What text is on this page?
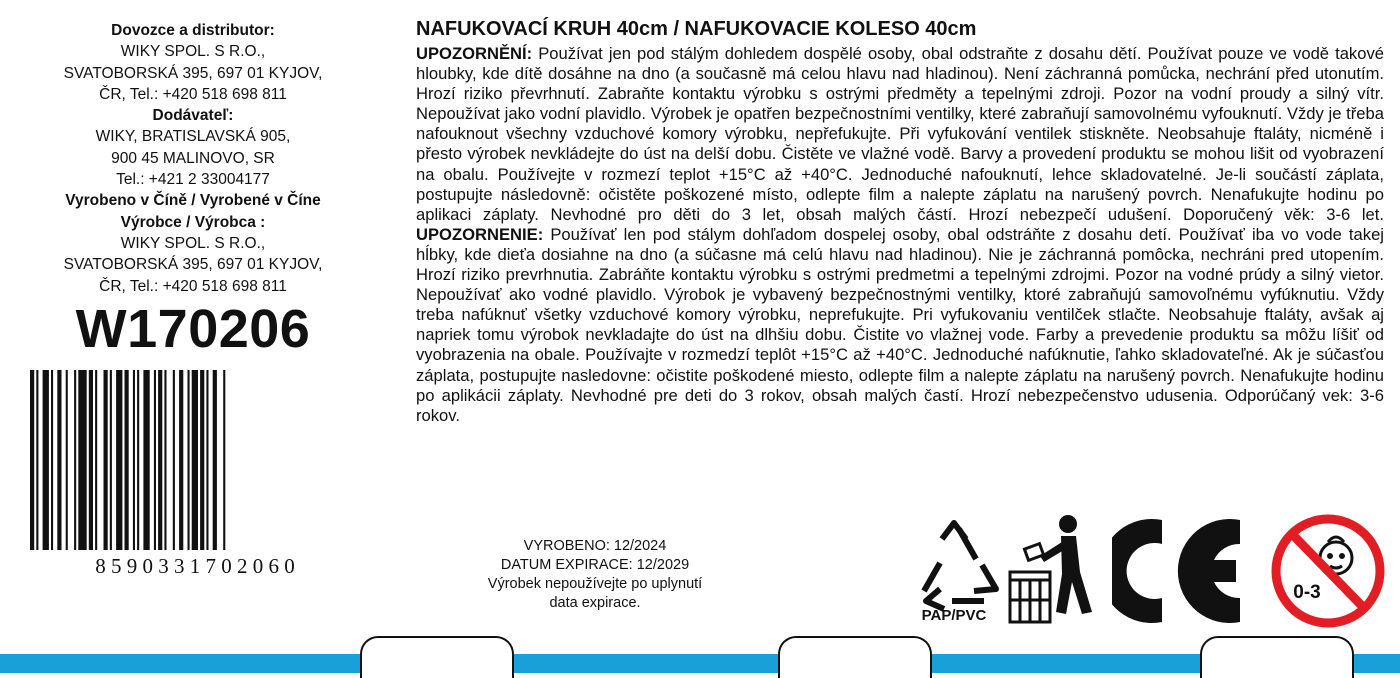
Dovozce a distributor:
WIKY SPOL. S R.O.,
SVATOBORSKÁ 395, 697 01 KYJOV,
ČR, Tel.: +420 518 698 811
Dodávateľ:
WIKY, BRATISLAVSKÁ 905,
900 45 MALINOVO, SR
Tel.: +421 2 33004177
Vyrobeno v Číně / Vyrobené v Číne
Výrobce / Výrobca :
WIKY SPOL. S R.O.,
SVATOBORSKÁ 395, 697 01 KYJOV,
ČR, Tel.: +420 518 698 811
W170206
8 5 9 0 3 3 1 7 0 2 0 6 0
NAFUKOVACÍ KRUH 40cm / NAFUKOVACIE KOLESO 40cm
UPOZORNĚNÍ: Používat jen pod stálým dohledem dospělé osoby, obal odstraňte z dosahu dětí. Používat pouze ve vodě takové hloubky, kde dítě dosáhne na dno (a současně má celou hlavu nad hladinou). Není záchranná pomůcka, nechrání před utonutím. Hrozí riziko převrhnutí. Zabraňte kontaktu výrobku s ostrými předměty a tepelnými zdroji. Pozor na vodní proudy a silný vítr. Nepoužívat jako vodní plavidlo. Výrobek je opatřen bezpečnostními ventilky, které zabraňují samovolnému vyfouknutí. Vždy je třeba nafouknout všechny vzduchové komory výrobku, nepřefukujte. Při vyfukování ventilek stiskněte. Neobsahuje ftaláty, nicméně i přesto výrobek nevkládejte do úst na delší dobu. Čistěte ve vlažné vodě. Barvy a provedení produktu se mohou lišit od vyobrazení na obalu. Používejte v rozmezí teplot +15°C až +40°C. Jednoduché nafouknutí, lehce skladovatelné. Je-li součástí záplata, postupujte následovně: očistěte poškozené místo, odlepte film a nalepte záplatu na narušený povrch. Nenafukujte hodinu po aplikaci záplaty. Nevhodné pro děti do 3 let, obsah malých částí. Hrozí nebezpečí udušení. Doporučený věk: 3-6 let. UPOZORNENIE: Používať len pod stálym dohľadom dospelej osoby, obal odstráňte z dosahu detí. Používať iba vo vode takej hĺbky, kde dieťa dosiahne na dno (a súčasne má celú hlavu nad hladinou). Nie je záchranná pomôcka, nechráni pred utopením. Hrozí riziko prevrhnutia. Zabráňte kontaktu výrobku s ostrými predmetmi a tepelnými zdrojmi. Pozor na vodné prúdy a silný vietor. Nepoužívať ako vodné plavidlo. Výrobok je vybavený bezpečnostnými ventilky, ktoré zabraňujú samovoľnému vyfúknutiu. Vždy treba nafúknuť všetky vzduchové komory výrobku, neprefukujte. Pri vyfukovaniu ventilček stlačte. Neobsahuje ftaláty, avšak aj napriek tomu výrobok nevkladajte do úst na dlhšiu dobu. Čistite vo vlažnej vode. Farby a prevedenie produktu sa môžu líšiť od vyobrazenia na obale. Používajte v rozmedzí teplôt +15°C až +40°C. Jednoduché nafúknutie, ľahko skladovateľné. Ak je súčasťou záplata, postupujte nasledovne: očistite poškodené miesto, odlepte film a nalepte záplatu na narušený povrch. Nenafukujte hodinu po aplikácii záplaty. Nevhodné pre deti do 3 rokov, obsah malých častí. Hrozí nebezpečenstvo udusenia. Odporúčaný vek: 3-6 rokov.
VYROBENO: 12/2024
DATUM EXPIRACE: 12/2029
Výrobek nepoužívejte po uplynutí
data expirace.
PAP/PVC
0-3
